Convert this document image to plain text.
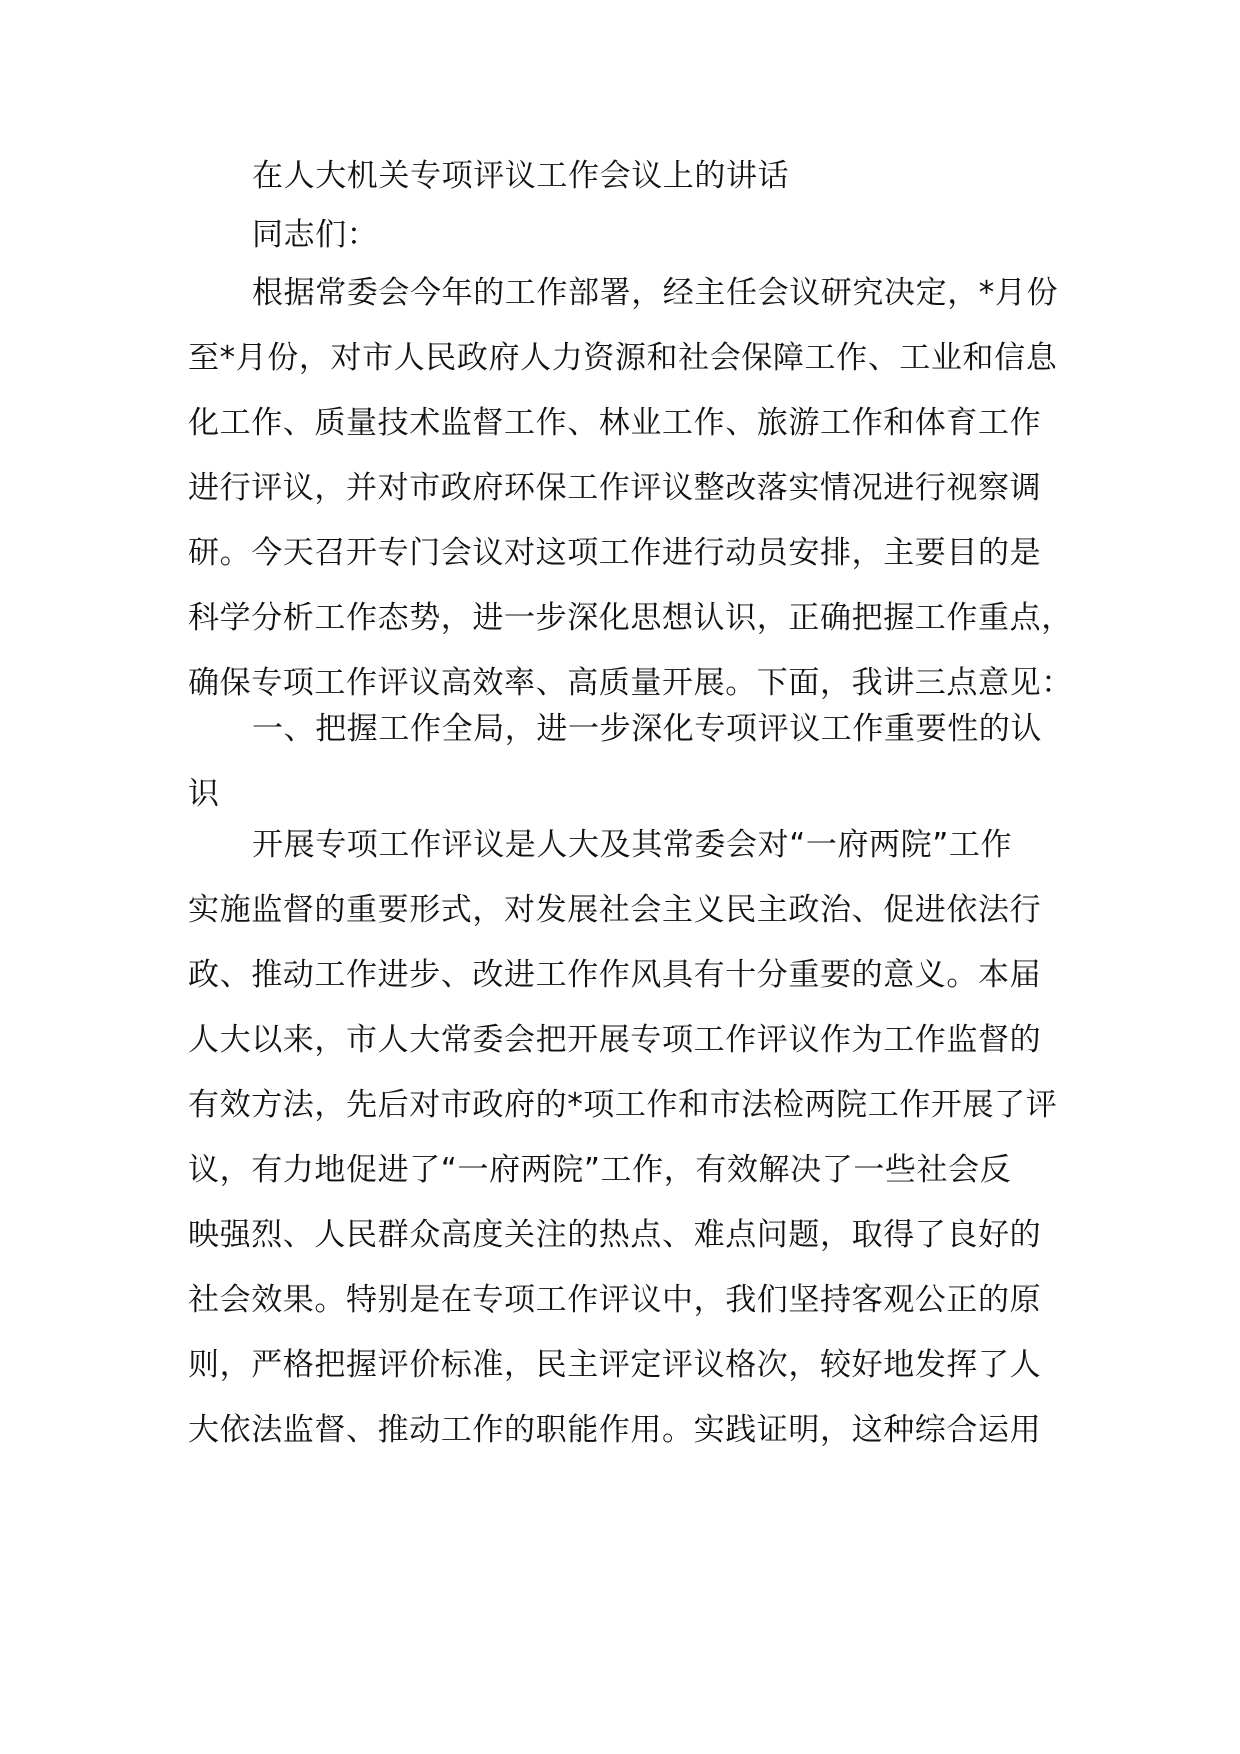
在人大机关专项评议工作会议上的讲话
同志们：
根据常委会今年的工作部署，经主任会议研究决定，*月份
至*月份，对市人民政府人力资源和社会保障工作、工业和信息
化工作、质量技术监督工作、林业工作、旅游工作和体育工作
进行评议，并对市政府环保工作评议整改落实情况进行视察调
研。今天召开专门会议对这项工作进行动员安排，主要目的是
科学分析工作态势，进一步深化思想认识，正确把握工作重点，
确保专项工作评议高效率、高质量开展。下面，我讲三点意见：
一、把握工作全局，进一步深化专项评议工作重要性的认
识
开展专项工作评议是人大及其常委会对“一府两院”工作
实施监督的重要形式，对发展社会主义民主政治、促进依法行
政、推动工作进步、改进工作作风具有十分重要的意义。本届
人大以来，市人大常委会把开展专项工作评议作为工作监督的
有效方法，先后对市政府的*项工作和市法检两院工作开展了评
议，有力地促进了“一府两院”工作，有效解决了一些社会反
映强烈、人民群众高度关注的热点、难点问题，取得了良好的
社会效果。特别是在专项工作评议中，我们坚持客观公正的原
则，严格把握评价标准，民主评定评议格次，较好地发挥了人
大依法监督、推动工作的职能作用。实践证明，这种综合运用
